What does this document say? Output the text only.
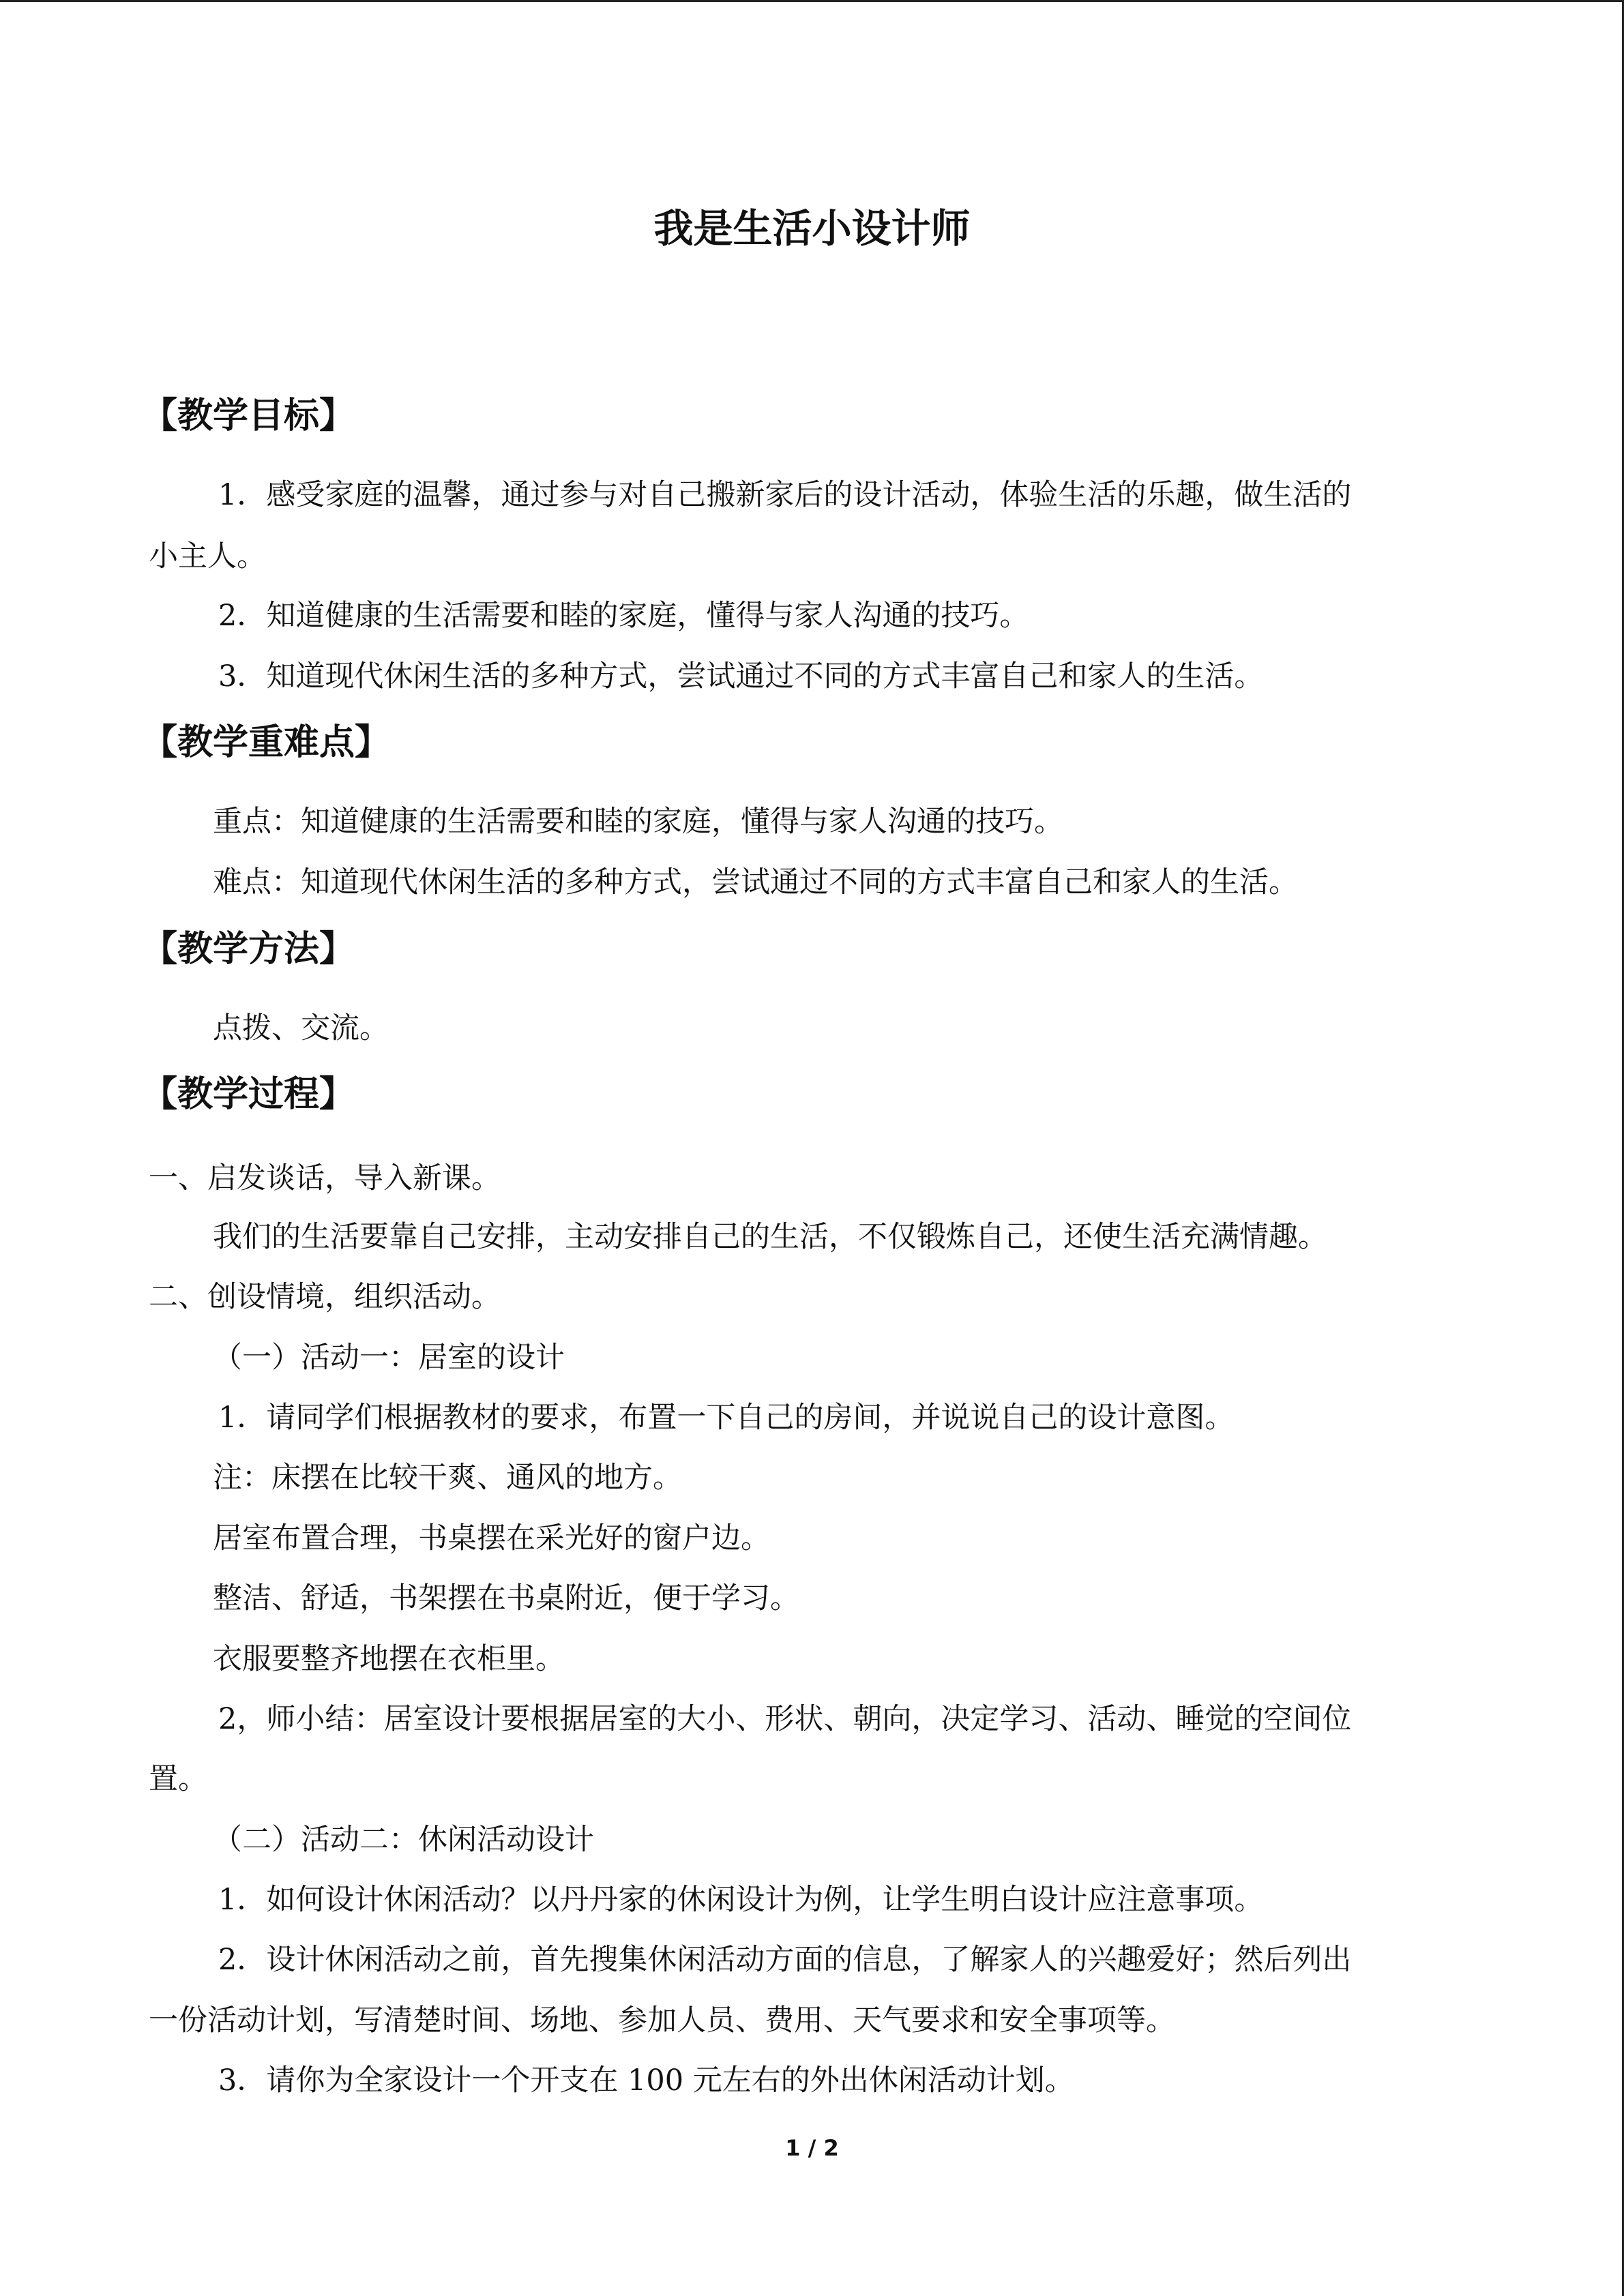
我是生活小设计师
【教学目标】

1．感受家庭的温馨，通过参与对自己搬新家后的设计活动，体验生活的乐趣，做生活的

小主人。

2．知道健康的生活需要和睦的家庭，懂得与家人沟通的技巧。

3．知道现代休闲生活的多种方式，尝试通过不同的方式丰富自己和家人的生活。

【教学重难点】

重点：知道健康的生活需要和睦的家庭，懂得与家人沟通的技巧。

难点：知道现代休闲生活的多种方式，尝试通过不同的方式丰富自己和家人的生活。

【教学方法】

点拨、交流。

【教学过程】

一、启发谈话，导入新课。

我们的生活要靠自己安排，主动安排自己的生活，不仅锻炼自己，还使生活充满情趣。

二、创设情境，组织活动。

（一）活动一：居室的设计

1．请同学们根据教材的要求，布置一下自己的房间，并说说自己的设计意图。

注：床摆在比较干爽、通风的地方。

居室布置合理，书桌摆在采光好的窗户边。

整洁、舒适，书架摆在书桌附近，便于学习。

衣服要整齐地摆在衣柜里。

2，师小结：居室设计要根据居室的大小、形状、朝向，决定学习、活动、睡觉的空间位

置。

（二）活动二：休闲活动设计

1．如何设计休闲活动？以丹丹家的休闲设计为例，让学生明白设计应注意事项。

2．设计休闲活动之前，首先搜集休闲活动方面的信息，了解家人的兴趣爱好；然后列出

一份活动计划，写清楚时间、场地、参加人员、费用、天气要求和安全事项等。

3．请你为全家设计一个开支在 100 元左右的外出休闲活动计划。

1 / 2
